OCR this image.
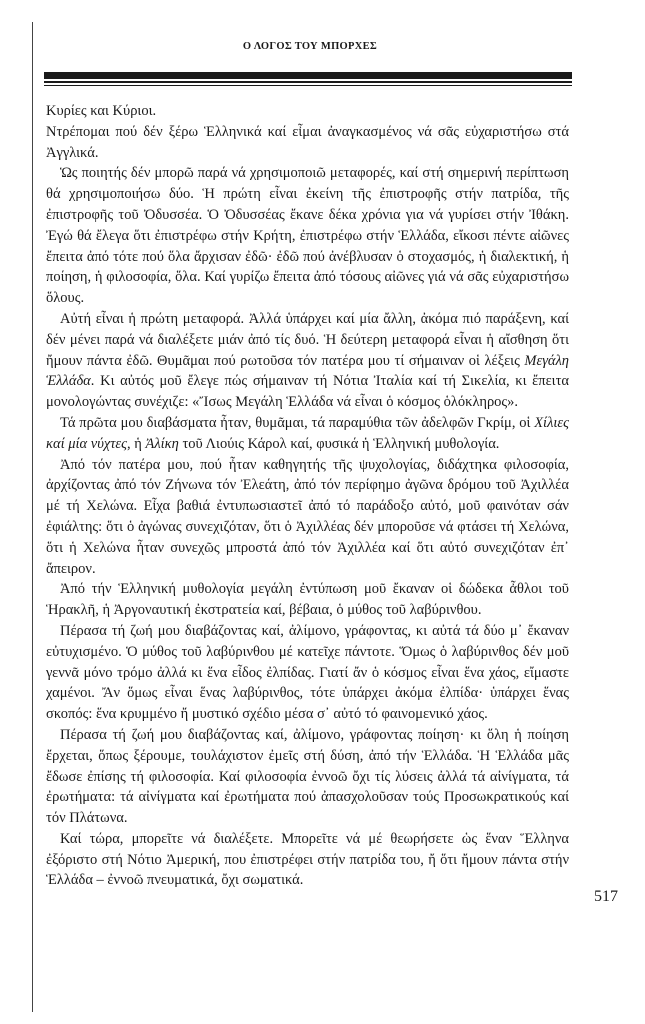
Ο ΛΟΓΟΣ ΤΟΥ ΜΠΟΡΧΕΣ

Κυρίες και Κύριοι.

Ντρέπομαι πού δέν ξέρω Ἑλληνικά καί εἶμαι ἀναγκασμένος νά σᾶς εὐχαριστήσω στά Ἀγγλικά.

Ὡς ποιητής δέν μπορῶ παρά νά χρησιμοποιῶ μεταφορές, καί στή σημερινή περίπτωση θά χρησιμοποιήσω δύο. Ἡ πρώτη εἶναι ἐκείνη τῆς ἐπιστροφῆς στήν πατρίδα, τῆς ἐπιστροφῆς τοῦ Ὀδυσσέα. Ὁ Ὀδυσσέας ἔκανε δέκα χρόνια για νά γυρίσει στήν Ἰθάκη. Ἐγώ θά ἔλεγα ὅτι ἐπιστρέφω στήν Κρήτη, ἐπιστρέφω στήν Ἑλλάδα, εἴκοσι πέντε αἰῶνες ἔπειτα ἀπό τότε πού ὅλα ἄρχισαν ἐδῶ· ἐδῶ πού ἀνέβλυσαν ὁ στοχασμός, ἡ διαλεκτική, ἡ ποίηση, ἡ φιλοσοφία, ὅλα. Καί γυρίζω ἔπειτα ἀπό τόσους αἰῶνες γιά νά σᾶς εὐχαριστήσω ὅλους.

Αὐτή εἶναι ἡ πρώτη μεταφορά. Ἀλλά ὑπάρχει καί μία ἄλλη, ἀκόμα πιό παράξενη, καί δέν μένει παρά νά διαλέξετε μιάν ἀπό τίς δυό. Ἡ δεύτερη μεταφορά εἶναι ἡ αἴσθηση ὅτι ἤμουν πάντα ἐδῶ. Θυμᾶμαι πού ρωτοῦσα τόν πατέρα μου τί σήμαιναν οἱ λέξεις Μεγάλη Ἑλλάδα. Κι αὐτός μοῦ ἔλεγε πώς σήμαιναν τή Νότια Ἰταλία καί τή Σικελία, κι ἔπειτα μονολογώντας συνέχιζε: «Ἴσως Μεγάλη Ἑλλάδα νά εἶναι ὁ κόσμος ὁλόκληρος».

Τά πρῶτα μου διαβάσματα ἦταν, θυμᾶμαι, τά παραμύθια τῶν ἀδελφῶν Γκρίμ, οἱ Χίλιες καί μία νύχτες, ἡ Ἀλίκη τοῦ Λιούις Κάρολ καί, φυσικά ἡ Ἑλληνική μυθολογία.

Ἀπό τόν πατέρα μου, πού ἦταν καθηγητής τῆς ψυχολογίας, διδάχτηκα φιλοσοφία, ἀρχίζοντας ἀπό τόν Ζήνωνα τόν Ἐλεάτη, ἀπό τόν περίφημο ἀγῶνα δρόμου τοῦ Ἀχιλλέα μέ τή Χελώνα. Εἶχα βαθιά ἐντυπωσιαστεῖ ἀπό τό παράδοξο αὐτό, μοῦ φαινόταν σάν ἐφιάλτης: ὅτι ὁ ἀγώνας συνεχιζόταν, ὅτι ὁ Ἀχιλλέας δέν μποροῦσε νά φτάσει τή Χελώνα, ὅτι ἡ Χελώνα ἦταν συνεχῶς μπροστά ἀπό τόν Ἀχιλλέα καί ὅτι αὐτό συνεχιζόταν ἐπ᾽ ἄπειρον.

Ἀπό τήν Ἑλληνική μυθολογία μεγάλη ἐντύπωση μοῦ ἔκαναν οἱ δώδεκα ἆθλοι τοῦ Ἡρακλῆ, ἡ Ἀργοναυτική ἐκστρατεία καί, βέβαια, ὁ μύθος τοῦ λαβύρινθου.

Πέρασα τή ζωή μου διαβάζοντας καί, ἀλίμονο, γράφοντας, κι αὐτά τά δύο μ᾽ ἔκαναν εὐτυχισμένο. Ὁ μύθος τοῦ λαβύρινθου μέ κατεῖχε πάντοτε. Ὅμως ὁ λαβύρινθος δέν μοῦ γεννᾶ μόνο τρόμο ἀλλά κι ἕνα εἶδος ἐλπίδας. Γιατί ἄν ὁ κόσμος εἶναι ἕνα χάος, εἴμαστε χαμένοι. Ἄν ὅμως εἶναι ἕνας λαβύρινθος, τότε ὑπάρχει ἀκόμα ἐλπίδα· ὑπάρχει ἕνας σκοπός: ἕνα κρυμμένο ἤ μυστικό σχέδιο μέσα σ᾽ αὐτό τό φαινομενικό χάος.

Πέρασα τή ζωή μου διαβάζοντας καί, ἀλίμονο, γράφοντας ποίηση· κι ὅλη ἡ ποίηση ἔρχεται, ὅπως ξέρουμε, τουλάχιστον ἐμεῖς στή δύση, ἀπό τήν Ἑλλάδα. Ἡ Ἑλλάδα μᾶς ἔδωσε ἐπίσης τή φιλοσοφία. Καί φιλοσοφία ἐννοῶ ὄχι τίς λύσεις ἀλλά τά αἰνίγματα, τά ἐρωτήματα: τά αἰνίγματα καί ἐρωτήματα πού ἀπασχολοῦσαν τούς Προσωκρατικούς καί τόν Πλάτωνα.

Καί τώρα, μπορεῖτε νά διαλέξετε. Μπορεῖτε νά μέ θεωρήσετε ὡς ἕναν Ἕλληνα ἐξόριστο στή Νότιο Ἀμερική, που ἐπιστρέφει στήν πατρίδα του, ἤ ὅτι ἤμουν πάντα στήν Ἑλλάδα – ἐννοῶ πνευματικά, ὄχι σωματικά.

517
